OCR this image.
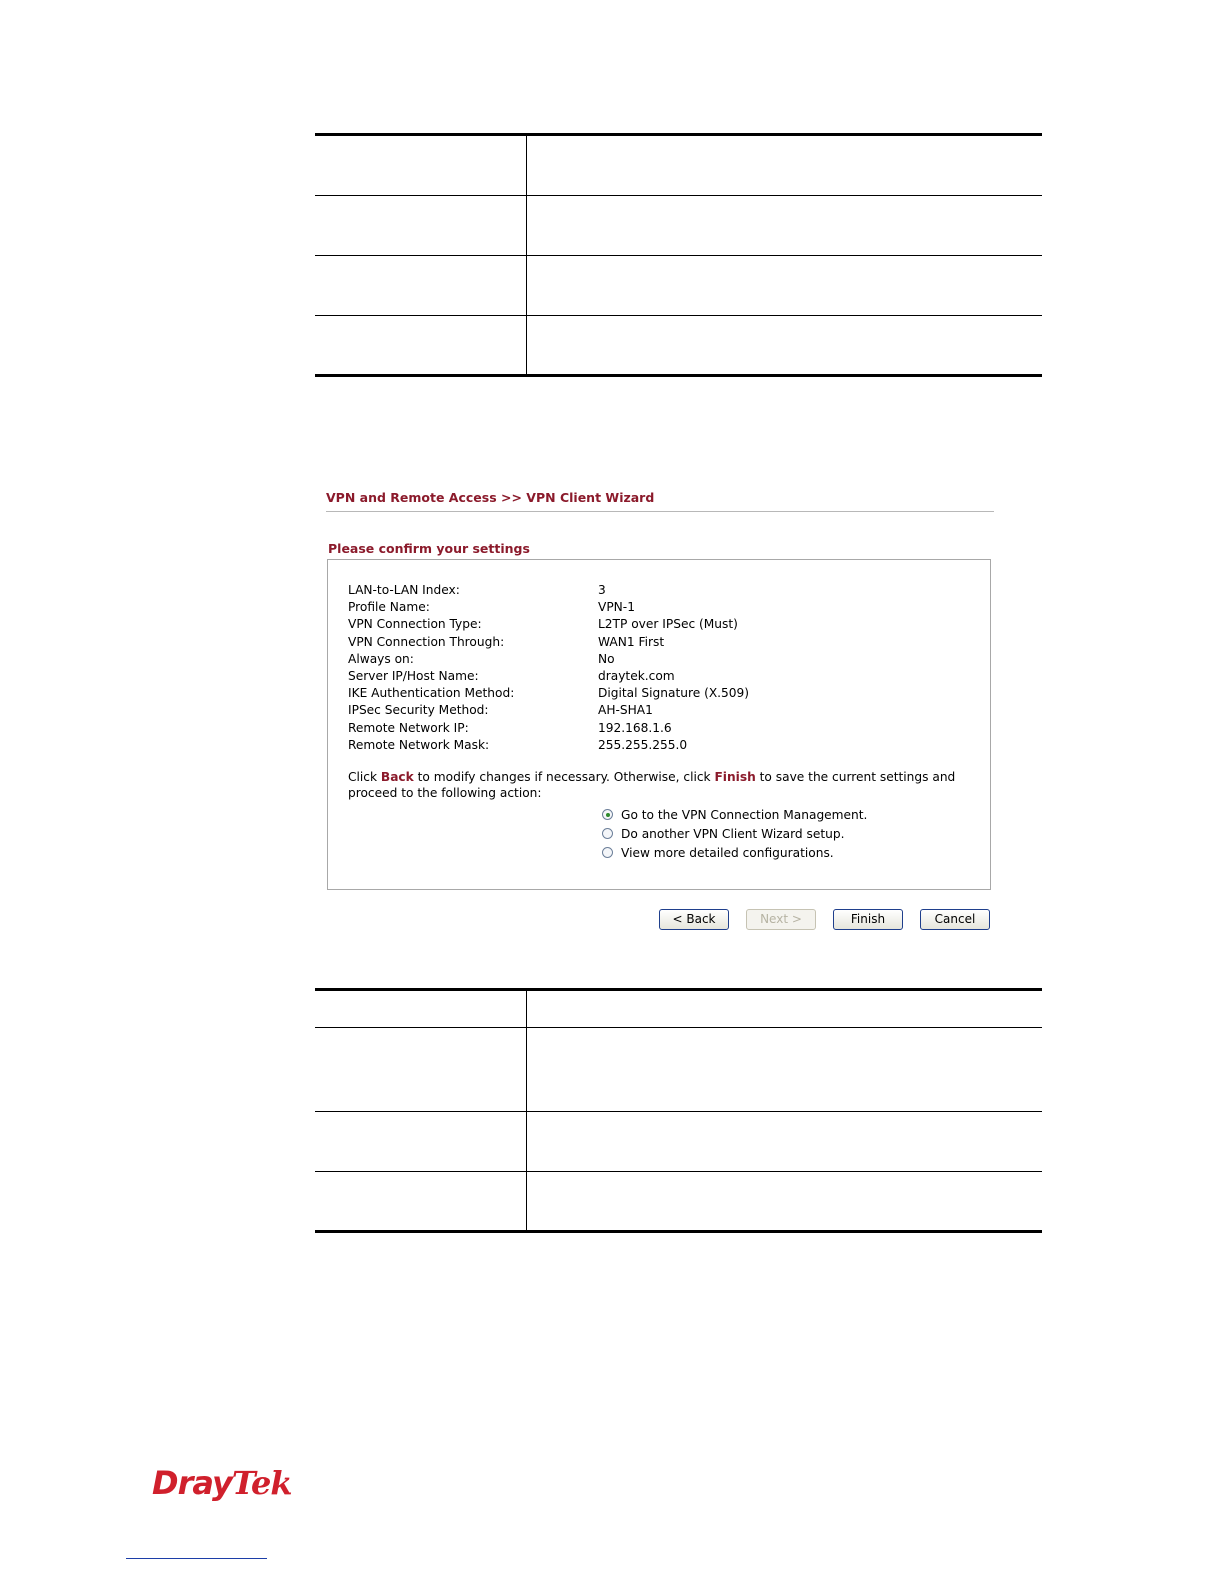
VPN and Remote Access >> VPN Client Wizard
Please confirm your settings
LAN-to-LAN Index:	3
Profile Name:	VPN-1
VPN Connection Type:	L2TP over IPSec (Must)
VPN Connection Through:	WAN1 First
Always on:	No
Server IP/Host Name:	draytek.com
IKE Authentication Method:	Digital Signature (X.509)
IPSec Security Method:	AH-SHA1
Remote Network IP:	192.168.1.6
Remote Network Mask:	255.255.255.0
Click Back to modify changes if necessary. Otherwise, click Finish to save the current settings and proceed to the following action:
Go to the VPN Connection Management.
Do another VPN Client Wizard setup.
View more detailed configurations.
< Back	Next >	Finish	Cancel
DrayTek
